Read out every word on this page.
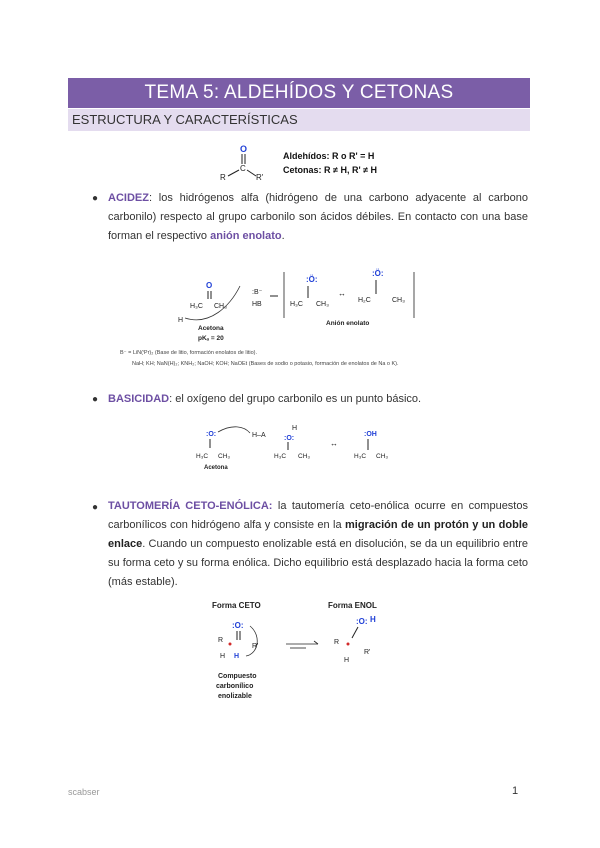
TEMA 5: ALDEHÍDOS Y CETONAS
ESTRUCTURA Y CARACTERÍSTICAS
O
C
R	R'
Aldehídos: R o R' = H
Cetonas: R ≠ H, R' ≠ H
● ACIDEZ: los hidrógenos alfa (hidrógeno de una carbono adyacente al carbono carbonilo) respecto al grupo carbonilo son ácidos débiles. En contacto con una base forman el respectivo anión enolato.
O
H₃C CH₃
H
Acetona
pKₐ = 20
:B⁻
HB
:Ö:
H₃C CH₃
↔
:Ö:
H₂C	CH₃
Anión enolato
B⁻ = LiN(ⁱPr)₂ (Base de litio, formación enolatos de litio).
NaH; KH; NaN(H)₂; KNH₂; NaOH; KOH; NaOEt (Bases de sodio o potasio, formación de enolatos de Na o K).
● BASICIDAD: el oxígeno del grupo carbonilo es un punto básico.
:O:
H₃C CH₃
H–A
Acetona
:O:
H
H₃C CH₃
↔
:OH
H₃C CH₃
● TAUTOMERÍA CETO-ENÓLICA: la tautomería ceto-enólica ocurre en compuestos carbonílicos con hidrógeno alfa y consiste en la migración de un protón y un doble enlace. Cuando un compuesto enolizable está en disolución, se da un equilibrio entre su forma ceto y su forma enólica. Dicho equilibrio está desplazado hacia la forma ceto (más estable).
Forma CETO	Forma ENOL
:O:
R
R'
H H
Compuesto
carbonílico
enolizable
:O: H
R
R'
H
scabser	1
